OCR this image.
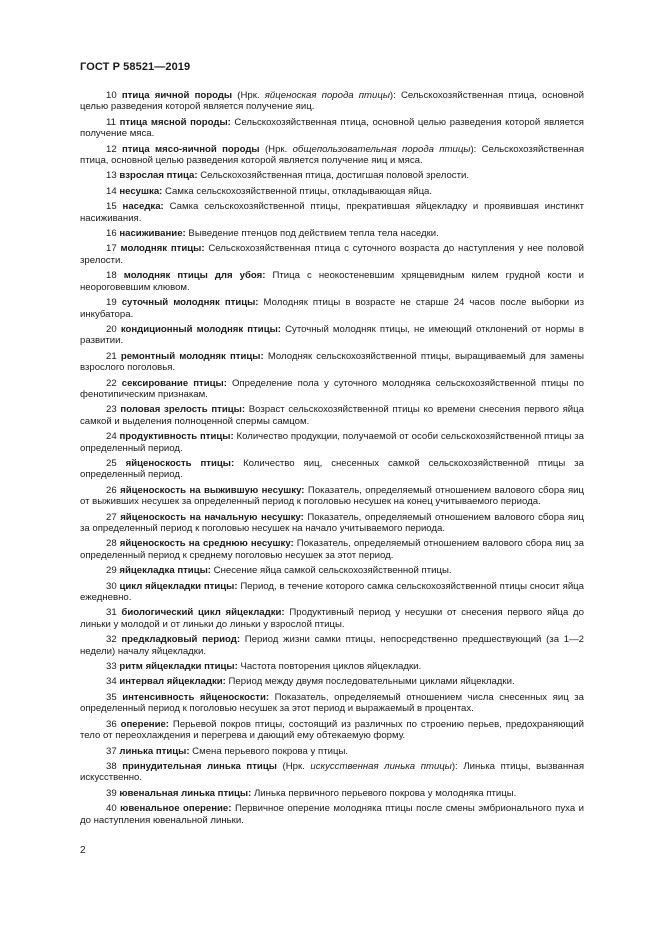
ГОСТ Р 58521—2019

10 птица яичной породы (Нрк. яйценоская порода птицы): Сельскохозяйственная птица, основной целью разведения которой является получение яиц.

11 птица мясной породы: Сельскохозяйственная птица, основной целью разведения которой является получение мяса.

12 птица мясо-яичной породы (Нрк. общепользовательная порода птицы): Сельскохозяйственная птица, основной целью разведения которой является получение яиц и мяса.

13 взрослая птица: Сельскохозяйственная птица, достигшая половой зрелости.

14 несушка: Самка сельскохозяйственной птицы, откладывающая яйца.

15 наседка: Самка сельскохозяйственной птицы, прекратившая яйцекладку и проявившая инстинкт насиживания.

16 насиживание: Выведение птенцов под действием тепла тела наседки.

17 молодняк птицы: Сельскохозяйственная птица с суточного возраста до наступления у нее половой зрелости.

18 молодняк птицы для убоя: Птица с неокостеневшим хрящевидным килем грудной кости и неороговевшим клювом.

19 суточный молодняк птицы: Молодняк птицы в возрасте не старше 24 часов после выборки из инкубатора.

20 кондиционный молодняк птицы: Суточный молодняк птицы, не имеющий отклонений от нормы в развитии.

21 ремонтный молодняк птицы: Молодняк сельскохозяйственной птицы, выращиваемый для замены взрослого поголовья.

22 сексирование птицы: Определение пола у суточного молодняка сельскохозяйственной птицы по фенотипическим признакам.

23 половая зрелость птицы: Возраст сельскохозяйственной птицы ко времени снесения первого яйца самкой и выделения полноценной спермы самцом.

24 продуктивность птицы: Количество продукции, получаемой от особи сельскохозяйственной птицы за определенный период.

25 яйценоскость птицы: Количество яиц, снесенных самкой сельскохозяйственной птицы за определенный период.

26 яйценоскость на выжившую несушку: Показатель, определяемый отношением валового сбора яиц от выживших несушек за определенный период к поголовью несушек на конец учитываемого периода.

27 яйценоскость на начальную несушку: Показатель, определяемый отношением валового сбора яиц за определенный период к поголовью несушек на начало учитываемого периода.

28 яйценоскость на среднюю несушку: Показатель, определяемый отношением валового сбора яиц за определенный период к среднему поголовью несушек за этот период.

29 яйцекладка птицы: Снесение яйца самкой сельскохозяйственной птицы.

30 цикл яйцекладки птицы: Период, в течение которого самка сельскохозяйственной птицы сносит яйца ежедневно.

31 биологический цикл яйцекладки: Продуктивный период у несушки от снесения первого яйца до линьки у молодой и от линьки до линьки у взрослой птицы.

32 предкладковый период: Период жизни самки птицы, непосредственно предшествующий (за 1—2 недели) началу яйцекладки.

33 ритм яйцекладки птицы: Частота повторения циклов яйцекладки.

34 интервал яйцекладки: Период между двумя последовательными циклами яйцекладки.

35 интенсивность яйценоскости: Показатель, определяемый отношением числа снесенных яиц за определенный период к поголовью несушек за этот период и выражаемый в процентах.

36 оперение: Перьевой покров птицы, состоящий из различных по строению перьев, предохраняющий тело от переохлаждения и перегрева и дающий ему обтекаемую форму.

37 линька птицы: Смена перьевого покрова у птицы.

38 принудительная линька птицы (Нрк. искусственная линька птицы): Линька птицы, вызванная искусственно.

39 ювенальная линька птицы: Линька первичного перьевого покрова у молодняка птицы.

40 ювенальное оперение: Первичное оперение молодняка птицы после смены эмбрионального пуха и до наступления ювенальной линьки.

2
